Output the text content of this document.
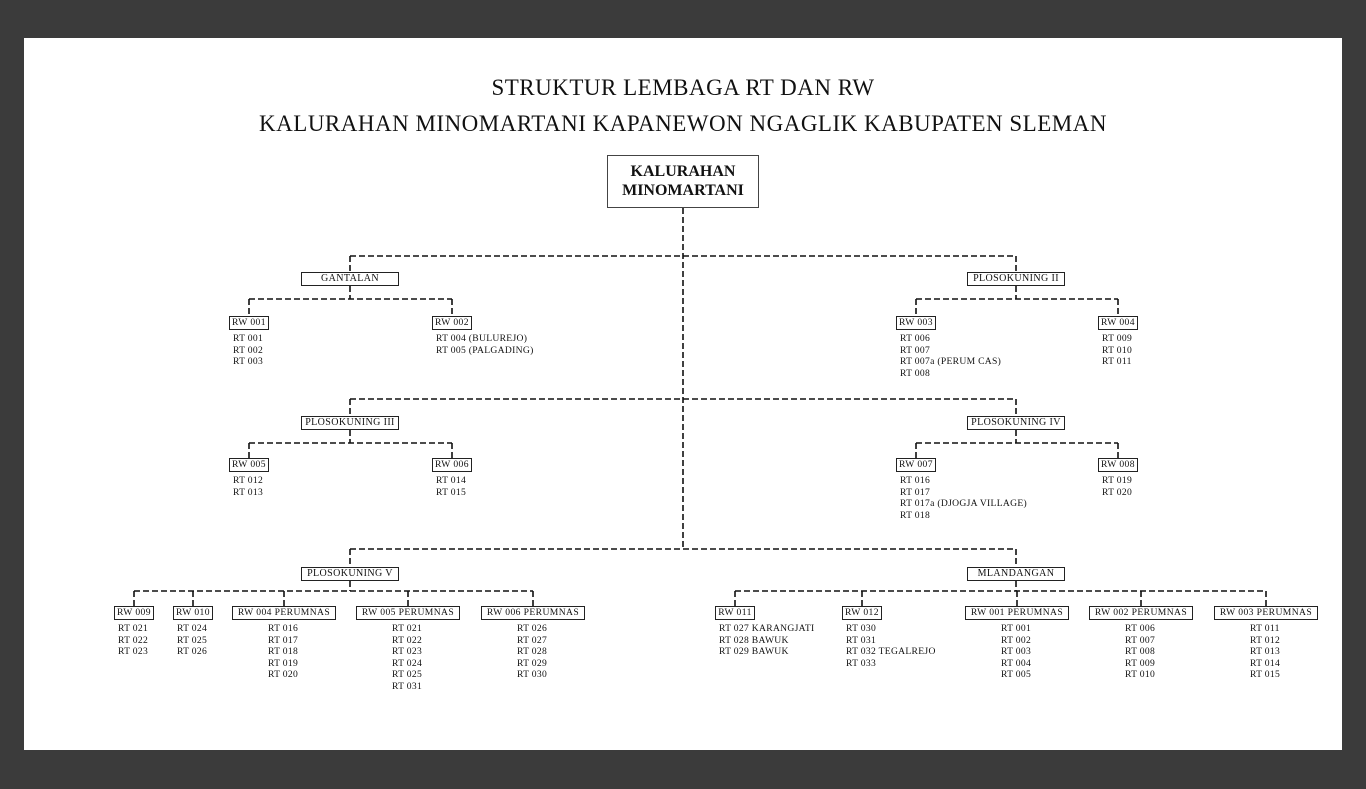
STRUKTUR LEMBAGA RT DAN RW
KALURAHAN MINOMARTANI KAPANEWON NGAGLIK KABUPATEN SLEMAN
KALURAHAN
MINOMARTANI
GANTALAN
RW 001
RT 001
RT 002
RT 003
RW 002
RT 004 (BULUREJO)
RT 005 (PALGADING)
PLOSOKUNING II
RW 003
RT 006
RT 007
RT 007a (PERUM CAS)
RT 008
RW 004
RT 009
RT 010
RT 011
PLOSOKUNING III
RW 005
RT 012
RT 013
RW 006
RT 014
RT 015
PLOSOKUNING IV
RW 007
RT 016
RT 017
RT 017a (DJOGJA VILLAGE)
RT 018
RW 008
RT 019
RT 020
PLOSOKUNING V
RW 009
RT 021
RT 022
RT 023
RW 010
RT 024
RT 025
RT 026
RW 004 PERUMNAS
RT 016
RT 017
RT 018
RT 019
RT 020
RW 005 PERUMNAS
RT 021
RT 022
RT 023
RT 024
RT 025
RT 031
RW 006 PERUMNAS
RT 026
RT 027
RT 028
RT 029
RT 030
MLANDANGAN
RW 011
RT 027 KARANGJATI
RT 028 BAWUK
RT 029 BAWUK
RW 012
RT 030
RT 031
RT 032 TEGALREJO
RT 033
RW 001 PERUMNAS
RT 001
RT 002
RT 003
RT 004
RT 005
RW 002 PERUMNAS
RT 006
RT 007
RT 008
RT 009
RT 010
RW 003 PERUMNAS
RT 011
RT 012
RT 013
RT 014
RT 015
